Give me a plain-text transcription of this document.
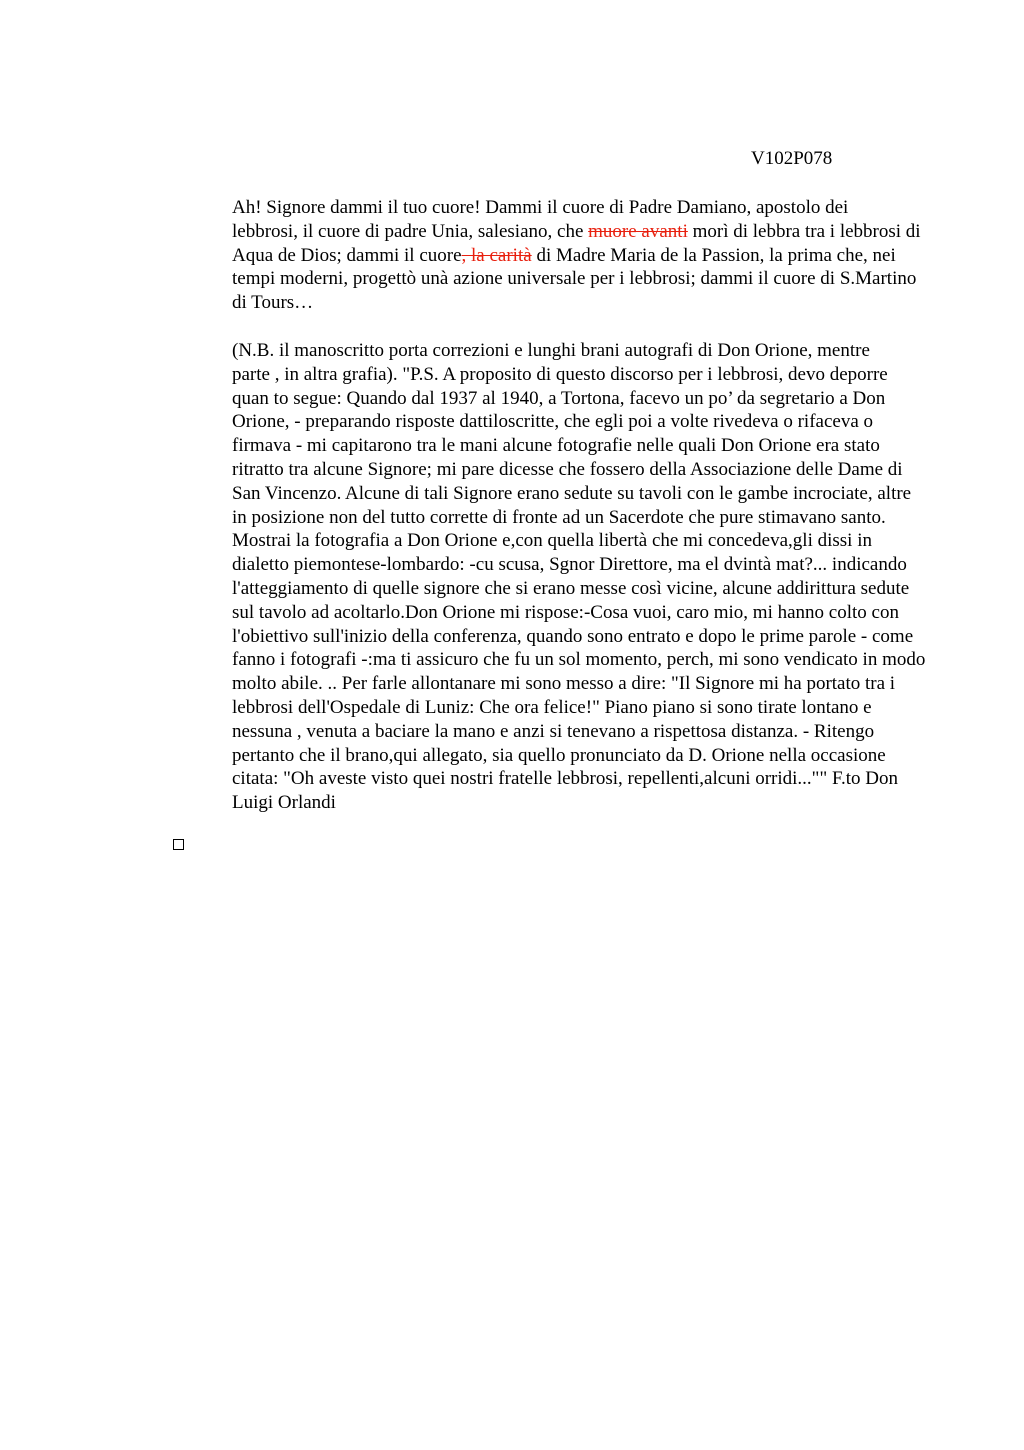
V102P078

Ah! Signore dammi il tuo cuore! Dammi il cuore di Padre Damiano, apostolo dei
lebbrosi, il cuore di padre Unia, salesiano, che muore avanti morì di lebbra tra i lebbrosi di
Aqua de Dios; dammi il cuore, la carità di Madre Maria de la Passion, la prima che, nei
tempi moderni, progettò unà azione universale per i lebbrosi; dammi il cuore di S.Martino
di Tours…

(N.B. il manoscritto porta correzioni e lunghi brani autografi di Don Orione, mentre
parte , in altra grafia). "P.S. A proposito di questo discorso per i lebbrosi, devo deporre
quan to segue: Quando dal 1937 al 1940, a Tortona, facevo un po’ da segretario a Don
Orione, - preparando risposte dattiloscritte, che egli poi a volte rivedeva o rifaceva o
firmava - mi capitarono tra le mani alcune fotografie nelle quali Don Orione era stato
ritratto tra alcune Signore; mi pare dicesse che fossero della Associazione delle Dame di
San Vincenzo. Alcune di tali Signore erano sedute su tavoli con le gambe incrociate, altre
in posizione non del tutto corrette di fronte ad un Sacerdote che pure stimavano santo.
Mostrai la fotografia a Don Orione e,con quella libertà che mi concedeva,gli dissi in
dialetto piemontese-lombardo: -cu scusa, Sgnor Direttore, ma el dvintà mat?... indicando
l'atteggiamento di quelle signore che si erano messe così vicine, alcune addirittura sedute
sul tavolo ad acoltarlo.Don Orione mi rispose:-Cosa vuoi, caro mio, mi hanno colto con
l'obiettivo sull'inizio della conferenza, quando sono entrato e dopo le prime parole - come
fanno i fotografi -:ma ti assicuro che fu un sol momento, perch, mi sono vendicato in modo
molto abile. .. Per farle allontanare mi sono messo a dire: "Il Signore mi ha portato tra i
lebbrosi dell'Ospedale di Luniz: Che ora felice!" Piano piano si sono tirate lontano e
nessuna , venuta a baciare la mano e anzi si tenevano a rispettosa distanza. - Ritengo
pertanto che il brano,qui allegato, sia quello pronunciato da D. Orione nella occasione
citata: "Oh aveste visto quei nostri fratelle lebbrosi, repellenti,alcuni orridi..."" F.to Don
Luigi Orlandi
